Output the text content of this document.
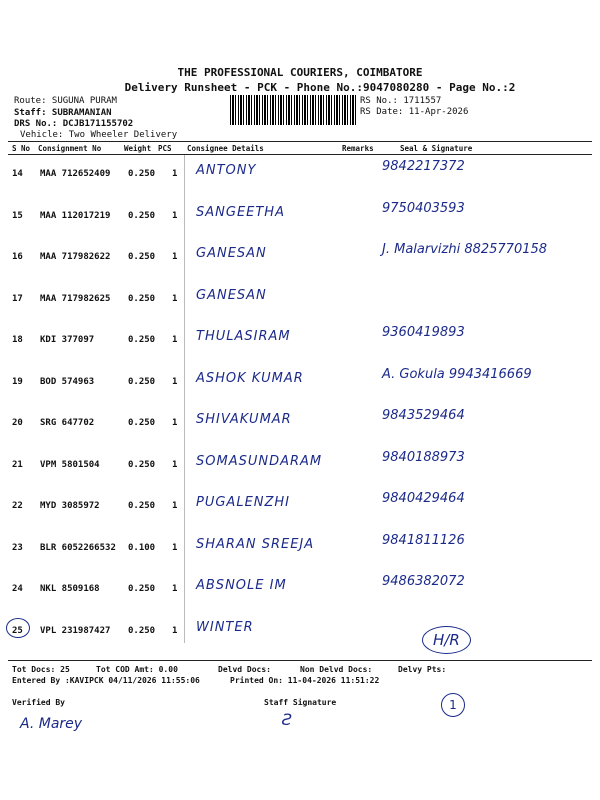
THE PROFESSIONAL COURIERS, COIMBATORE
Delivery Runsheet - PCK - Phone No.:9047080280 - Page No.:2
Route: SUGUNA PURAM
Staff: SUBRAMANIAN
DRS No.: DCJB171155702
Vehicle: Two Wheeler Delivery
RS No.: 1711557
RS Date: 11-Apr-2026
S No Consignment No	Weight PCS Consignee Details	Remarks	Seal & Signature
14 MAA 712652409 0.250 1 ANTONY	9842217372
15 MAA 112017219 0.250 1 SANGEETHA	9750403593
16 MAA 717982622 0.250 1 GANESAN	J. Malarvizhi 8825770158
17 MAA 717982625 0.250 1 GANESAN
18 KDI 377097	0.250 1 THULASIRAM	9360419893
19 BOD 574963	0.250 1 ASHOK KUMAR	A. Gokula 9943416669
20 SRG 647702	0.250 1 SHIVAKUMAR	9843529464
21 VPM 5801504	0.250 1 SOMASUNDARAM	9840188973
22 MYD 3085972	0.250 1 PUGALENZHI	9840429464
23 BLR 6052266532 0.100 1 SHARAN SREEJA	9841811126
24 NKL 8509168	0.250 1 ABSNOLE IM	9486382072
25 VPL 231987427 0.250 1 WINTER
H/R
Tot Docs: 25	Tot COD Amt: 0.00	Delvd Docs:	Non Delvd Docs:	Delvy Pts:
Entered By :KAVIPCK 04/11/2026 11:55:06	Printed On: 11-04-2026 11:51:22
Verified By	Staff Signature
A. Marey	Ƨ
1
